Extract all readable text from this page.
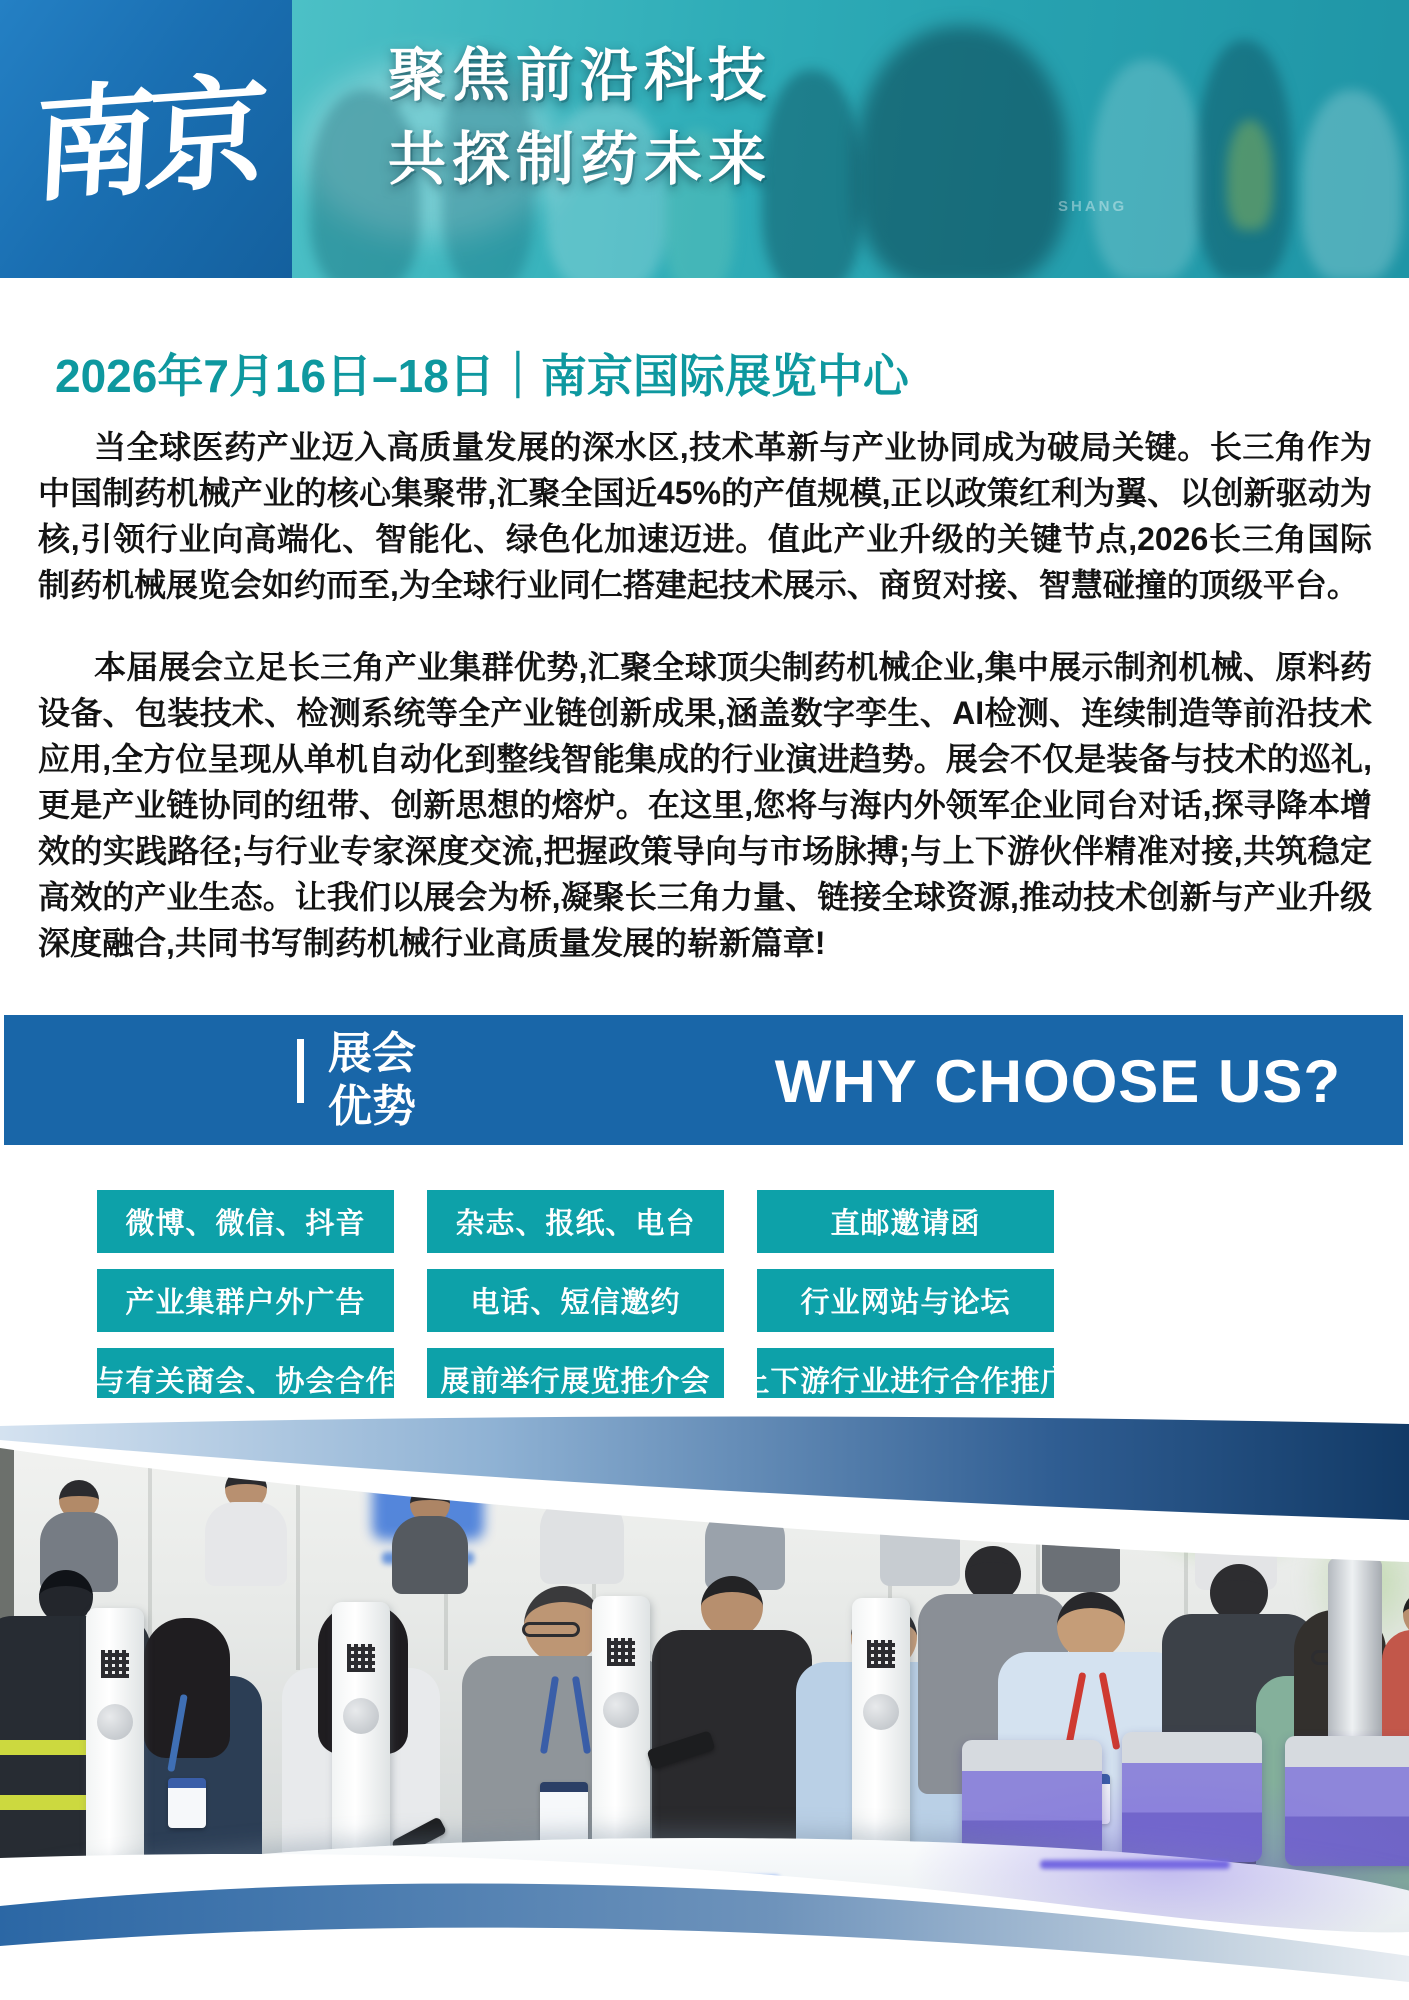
南京 聚焦前沿科技
共探制药未来
SHANG
2026年7月16日–18日｜南京国际展览中心
当全球医药产业迈入高质量发展的深水区,技术革新与产业协同成为破局关键。长三角作为中国制药机械产业的核心集聚带,汇聚全国近45%的产值规模,正以政策红利为翼、以创新驱动为核,引领行业向高端化、智能化、绿色化加速迈进。值此产业升级的关键节点,2026长三角国际制药机械展览会如约而至,为全球行业同仁搭建起技术展示、商贸对接、智慧碰撞的顶级平台。
本届展会立足长三角产业集群优势,汇聚全球顶尖制药机械企业,集中展示制剂机械、原料药设备、包装技术、检测系统等全产业链创新成果,涵盖数字孪生、AI检测、连续制造等前沿技术应用,全方位呈现从单机自动化到整线智能集成的行业演进趋势。展会不仅是装备与技术的巡礼,更是产业链协同的纽带、创新思想的熔炉。在这里,您将与海内外领军企业同台对话,探寻降本增效的实践路径;与行业专家深度交流,把握政策导向与市场脉搏;与上下游伙伴精准对接,共筑稳定高效的产业生态。让我们以展会为桥,凝聚长三角力量、链接全球资源,推动技术创新与产业升级深度融合,共同书写制药机械行业高质量发展的崭新篇章!
展会
优势	WHY CHOOSE US?
微博、微信、抖音	杂志、报纸、电台	直邮邀请函
产业集群户外广告	电话、短信邀约	行业网站与论坛
与有关商会、协会合作	展前举行展览推介会	上下游行业进行合作推广
